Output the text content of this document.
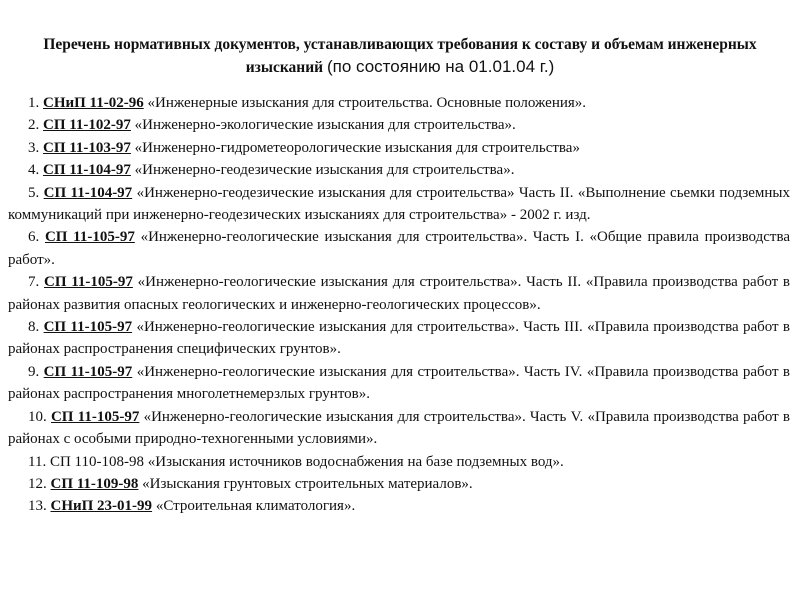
Перечень нормативных документов, устанавливающих требования к составу и объемам инженерных изысканий (по состоянию на 01.01.04 г.)
1. СНиП 11-02-96 «Инженерные изыскания для строительства. Основные положения».
2. СП 11-102-97 «Инженерно-экологические изыскания для строительства».
3. СП 11-103-97 «Инженерно-гидрометеорологические изыскания для строительства»
4. СП 11-104-97 «Инженерно-геодезические изыскания для строительства».
5. СП 11-104-97 «Инженерно-геодезические изыскания для строительства» Часть II. «Выполнение сьемки подземных коммуникаций при инженерно-геодезических изысканиях для строительства» - 2002 г. изд.
6. СП 11-105-97 «Инженерно-геологические изыскания для строительства». Часть I. «Общие правила производства работ».
7. СП 11-105-97 «Инженерно-геологические изыскания для строительства». Часть II. «Правила производства работ в районах развития опасных геологических и инженерно-геологических процессов».
8. СП 11-105-97 «Инженерно-геологические изыскания для строительства». Часть III. «Правила производства работ в районах распространения специфических грунтов».
9. СП 11-105-97 «Инженерно-геологические изыскания для строительства». Часть IV. «Правила производства работ в районах распространения многолетнемерзлых грунтов».
10. СП 11-105-97 «Инженерно-геологические изыскания для строительства». Часть V. «Правила производства работ в районах с особыми природно-техногенными условиями».
11. СП 110-108-98 «Изыскания источников водоснабжения на базе подземных вод».
12. СП 11-109-98 «Изыскания грунтовых строительных материалов».
13. СНиП 23-01-99 «Строительная климатология».
